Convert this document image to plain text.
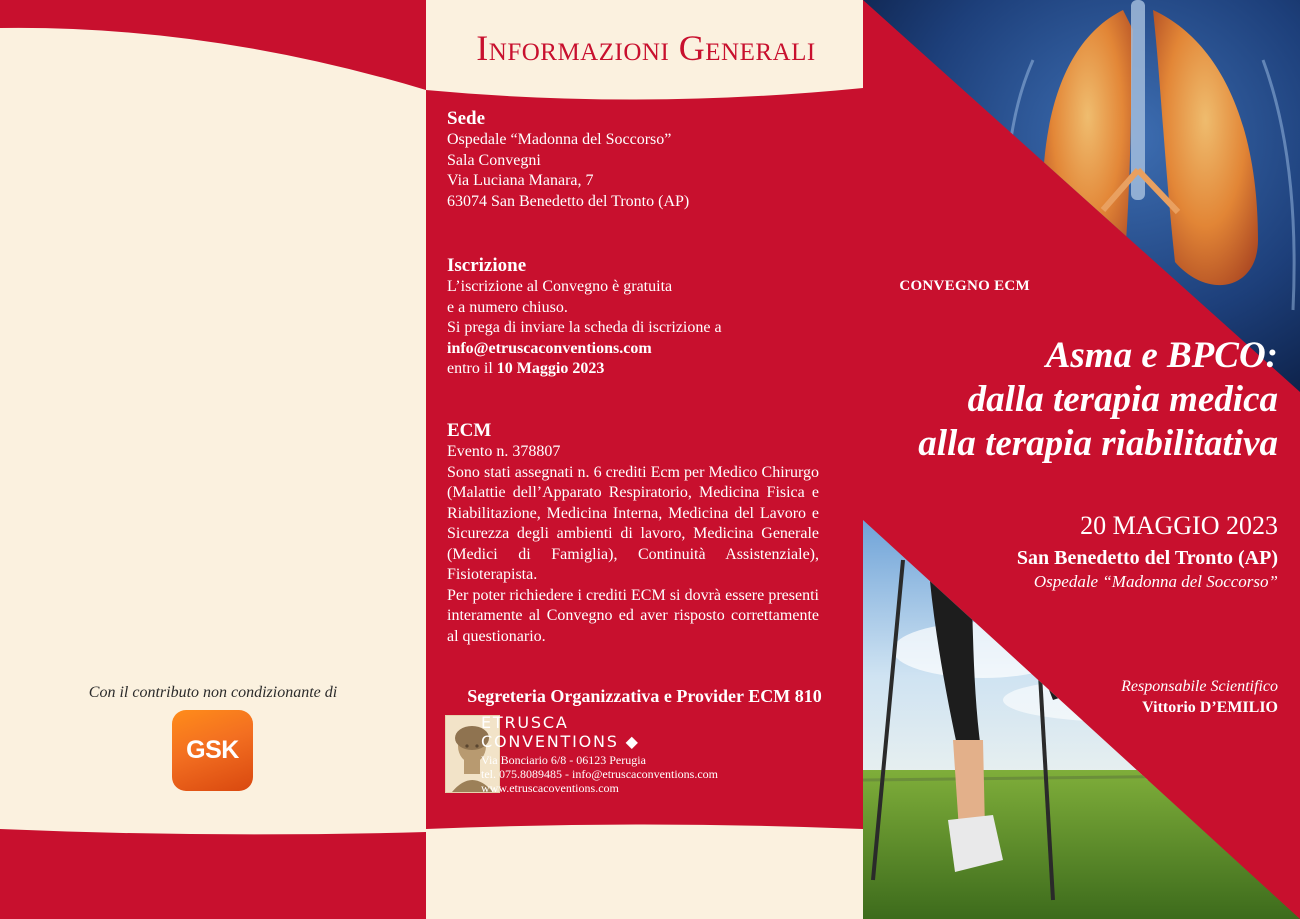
Con il contributo non condizionante di
GSK
Informazioni Generali
Sede
Ospedale “Madonna del Soccorso”
Sala Convegni
Via Luciana Manara, 7
63074 San Benedetto del Tronto (AP)
Iscrizione
L’iscrizione al Convegno è gratuita
e a numero chiuso.
Si prega di inviare la scheda di iscrizione a
info@etruscaconventions.com
entro il 10 Maggio 2023
ECM
Evento n. 378807
Sono stati assegnati n. 6 crediti Ecm per Medico Chirurgo (Malattie dell’Apparato Respiratorio, Medicina Fisica e Riabilitazione, Medicina Interna, Medicina del Lavoro e Sicurezza degli ambienti di lavoro, Medicina Generale (Medici di Famiglia), Continuità Assistenziale), Fisioterapista.
Per poter richiedere i crediti ECM si dovrà essere presenti interamente al Convegno ed aver risposto correttamente al questionario.
Segreteria Organizzativa e Provider ECM 810
ETRUSCA
CONVENTIONS ◆
Via Bonciario 6/8 - 06123 Perugia
tel. 075.8089485 - info@etruscaconventions.com
www.etruscacoventions.com
CONVEGNO ECM
Asma e BPCO:
dalla terapia medica
alla terapia riabilitativa
20 MAGGIO 2023
San Benedetto del Tronto (AP)
Ospedale “Madonna del Soccorso”
Responsabile Scientifico
Vittorio D’EMILIO
